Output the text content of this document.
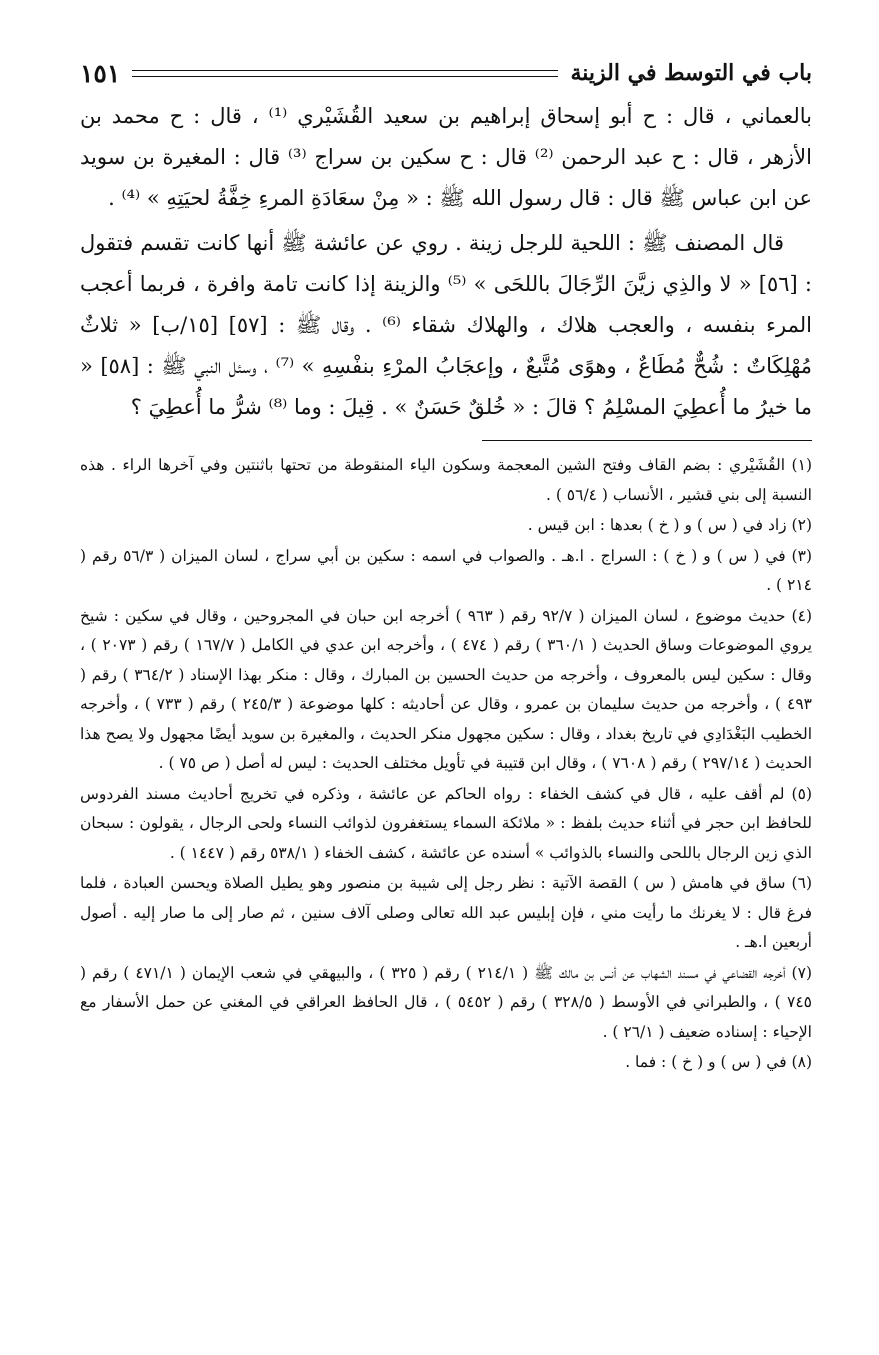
باب في التوسط في الزينة
١٥١

بالعماني ، قال : ح أبو إسحاق إبراهيم بن سعيد القُشَيْري ⁽¹⁾ ، قال : ح محمد بن الأزهر ، قال : ح عبد الرحمن ⁽²⁾ قال : ح سكين بن سراج ⁽³⁾ قال : المغيرة بن سويد عن ابن عباس ﷺ قال : قال رسول الله ﷺ : « مِنْ سعَادَةِ المرءِ خِفَّةُ لحيَتِهِ » ⁽⁴⁾ .

قال المصنف ﷺ : اللحية للرجل زينة . روي عن عائشة ﷺ أنها كانت تقسم فتقول : [٥٦] « لا والذِي زيَّنَ الرِّجَالَ باللحَى » ⁽⁵⁾ والزينة إذا كانت تامة وافرة ، فربما أعجب المرء بنفسه ، والعجب هلاك ، والهلاك شقاء ⁽⁶⁾ . وقال ﷺ : [٥٧] [١٥/ب] « ثلاثٌ مُهْلِكَاتٌ : شُحٌّ مُطَاعٌ ، وهوًى مُتَّبعٌ ، وإعجَابُ المرْءِ بنفْسِهِ » ⁽⁷⁾ ، وسئل النبي ﷺ : [٥٨] « ما خيرُ ما أُعطِيَ المسْلِمُ ؟ قالَ : « خُلقٌ حَسَنٌ » . قِيلَ : وما ⁽⁸⁾ شرُّ ما أُعطِيَ ؟

(١) القُشَيْري : بضم القاف وفتح الشين المعجمة وسكون الياء المنقوطة من تحتها باثنتين وفي آخرها الراء . هذه النسبة إلى بني قشير ، الأنساب ( ٥٦/٤ ) .

(٢) زاد في ( س ) و ( خ ) بعدها : ابن قيس .

(٣) في ( س ) و ( خ ) : السراج . ا.هـ . والصواب في اسمه : سكين بن أبي سراج ، لسان الميزان ( ٥٦/٣ رقم ( ٢١٤ ) .

(٤) حديث موضوع ، لسان الميزان ( ٩٢/٧ رقم ( ٩٦٣ ) أخرجه ابن حبان في المجروحين ، وقال في سكين : شيخ يروي الموضوعات وساق الحديث ( ٣٦٠/١ ) رقم ( ٤٧٤ ) ، وأخرجه ابن عدي في الكامل ( ١٦٧/٧ ) رقم ( ٢٠٧٣ ) ، وقال : سكين ليس بالمعروف ، وأخرجه من حديث الحسين بن المبارك ، وقال : منكر بهذا الإسناد ( ٣٦٤/٢ ) رقم ( ٤٩٣ ) ، وأخرجه من حديث سليمان بن عمرو ، وقال عن أحاديثه : كلها موضوعة ( ٢٤٥/٣ ) رقم ( ٧٣٣ ) ، وأخرجه الخطيب البَغْدَادِي في تاريخ بغداد ، وقال : سكين مجهول منكر الحديث ، والمغيرة بن سويد أيضًا مجهول ولا يصح هذا الحديث ( ٢٩٧/١٤ ) رقم ( ٧٦٠٨ ) ، وقال ابن قتيبة في تأويل مختلف الحديث : ليس له أصل ( ص ٧٥ ) .

(٥) لم أقف عليه ، قال في كشف الخفاء : رواه الحاكم عن عائشة ، وذكره في تخريج أحاديث مسند الفردوس للحافظ ابن حجر في أثناء حديث بلفظ : « ملائكة السماء يستغفرون لذوائب النساء ولحى الرجال ، يقولون : سبحان الذي زين الرجال باللحى والنساء بالذوائب » أسنده عن عائشة ، كشف الخفاء ( ٥٣٨/١ رقم ( ١٤٤٧ ) .

(٦) ساق في هامش ( س ) القصة الآتية : نظر رجل إلى شيبة بن منصور وهو يطيل الصلاة ويحسن العبادة ، فلما فرغ قال : لا يغرنك ما رأيت مني ، فإن إبليس عبد الله تعالى وصلى آلاف سنين ، ثم صار إلى ما صار إليه . أصول أربعين ا.هـ .

(٧) أخرجه القضاعي في مسند الشهاب عن أنس بن مالك ﷺ ( ٢١٤/١ ) رقم ( ٣٢٥ ) ، والبيهقي في شعب الإيمان ( ٤٧١/١ ) رقم ( ٧٤٥ ) ، والطبراني في الأوسط ( ٣٢٨/٥ ) رقم ( ٥٤٥٢ ) ، قال الحافظ العراقي في المغني عن حمل الأسفار مع الإحياء : إسناده ضعيف ( ٢٦/١ ) .

(٨) في ( س ) و ( خ ) : فما .
